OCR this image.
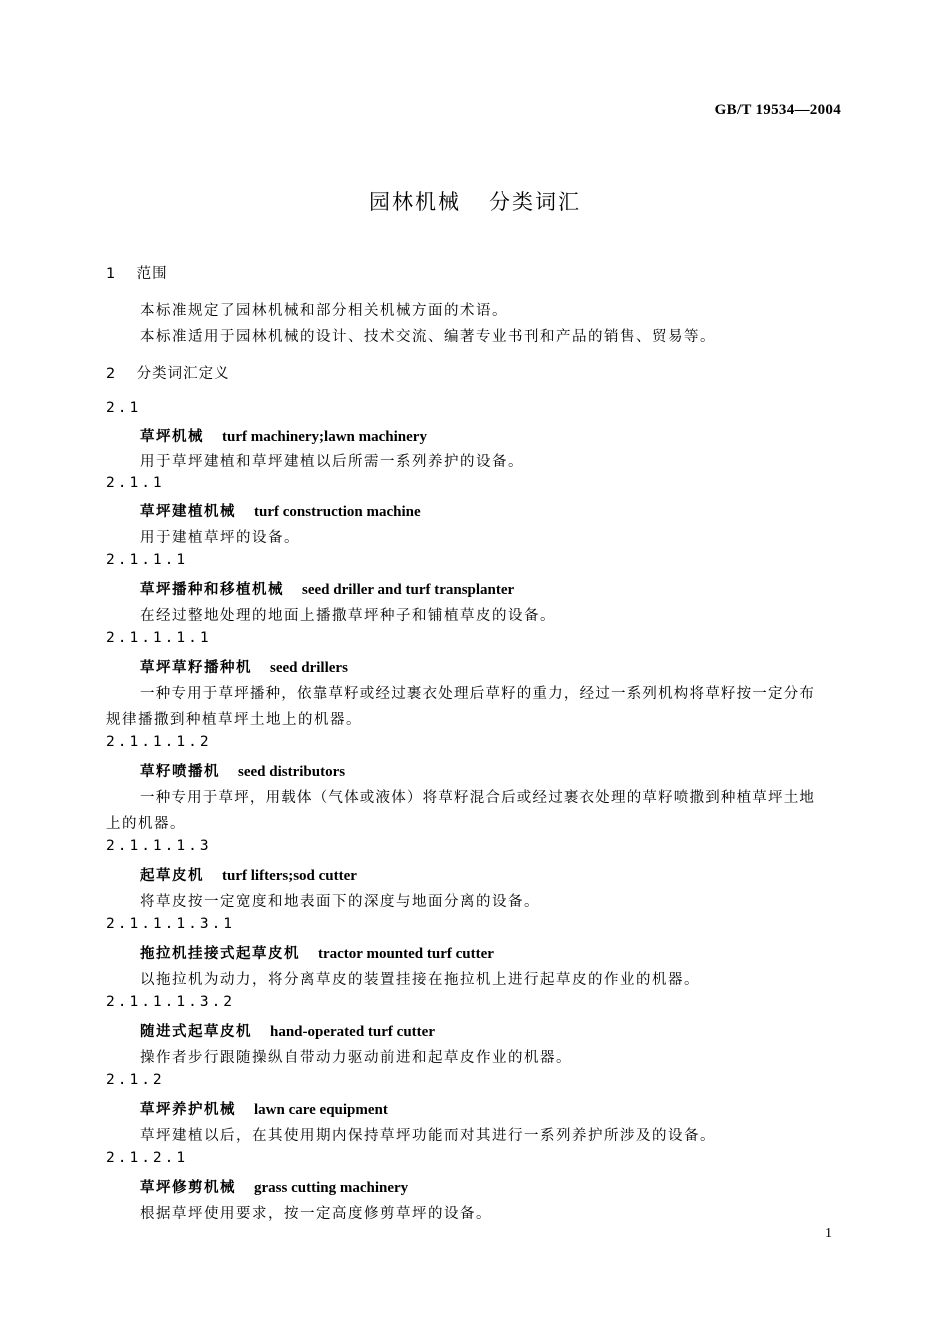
GB/T 19534—2004
园林机械 分类词汇
1 范围
本标准规定了园林机械和部分相关机械方面的术语。
本标准适用于园林机械的设计、技术交流、编著专业书刊和产品的销售、贸易等。
2 分类词汇定义
2.1
草坪机械 turf machinery;lawn machinery
用于草坪建植和草坪建植以后所需一系列养护的设备。
2.1.1
草坪建植机械 turf construction machine
用于建植草坪的设备。
2.1.1.1
草坪播种和移植机械 seed driller and turf transplanter
在经过整地处理的地面上播撒草坪种子和铺植草皮的设备。
2.1.1.1.1
草坪草籽播种机 seed drillers
一种专用于草坪播种，依靠草籽或经过裹衣处理后草籽的重力，经过一系列机构将草籽按一定分布
规律播撒到种植草坪土地上的机器。
2.1.1.1.2
草籽喷播机 seed distributors
一种专用于草坪，用载体（气体或液体）将草籽混合后或经过裹衣处理的草籽喷撒到种植草坪土地
上的机器。
2.1.1.1.3
起草皮机 turf lifters;sod cutter
将草皮按一定宽度和地表面下的深度与地面分离的设备。
2.1.1.1.3.1
拖拉机挂接式起草皮机 tractor mounted turf cutter
以拖拉机为动力，将分离草皮的装置挂接在拖拉机上进行起草皮的作业的机器。
2.1.1.1.3.2
随进式起草皮机 hand-operated turf cutter
操作者步行跟随操纵自带动力驱动前进和起草皮作业的机器。
2.1.2
草坪养护机械 lawn care equipment
草坪建植以后，在其使用期内保持草坪功能而对其进行一系列养护所涉及的设备。
2.1.2.1
草坪修剪机械 grass cutting machinery
根据草坪使用要求，按一定高度修剪草坪的设备。
1
